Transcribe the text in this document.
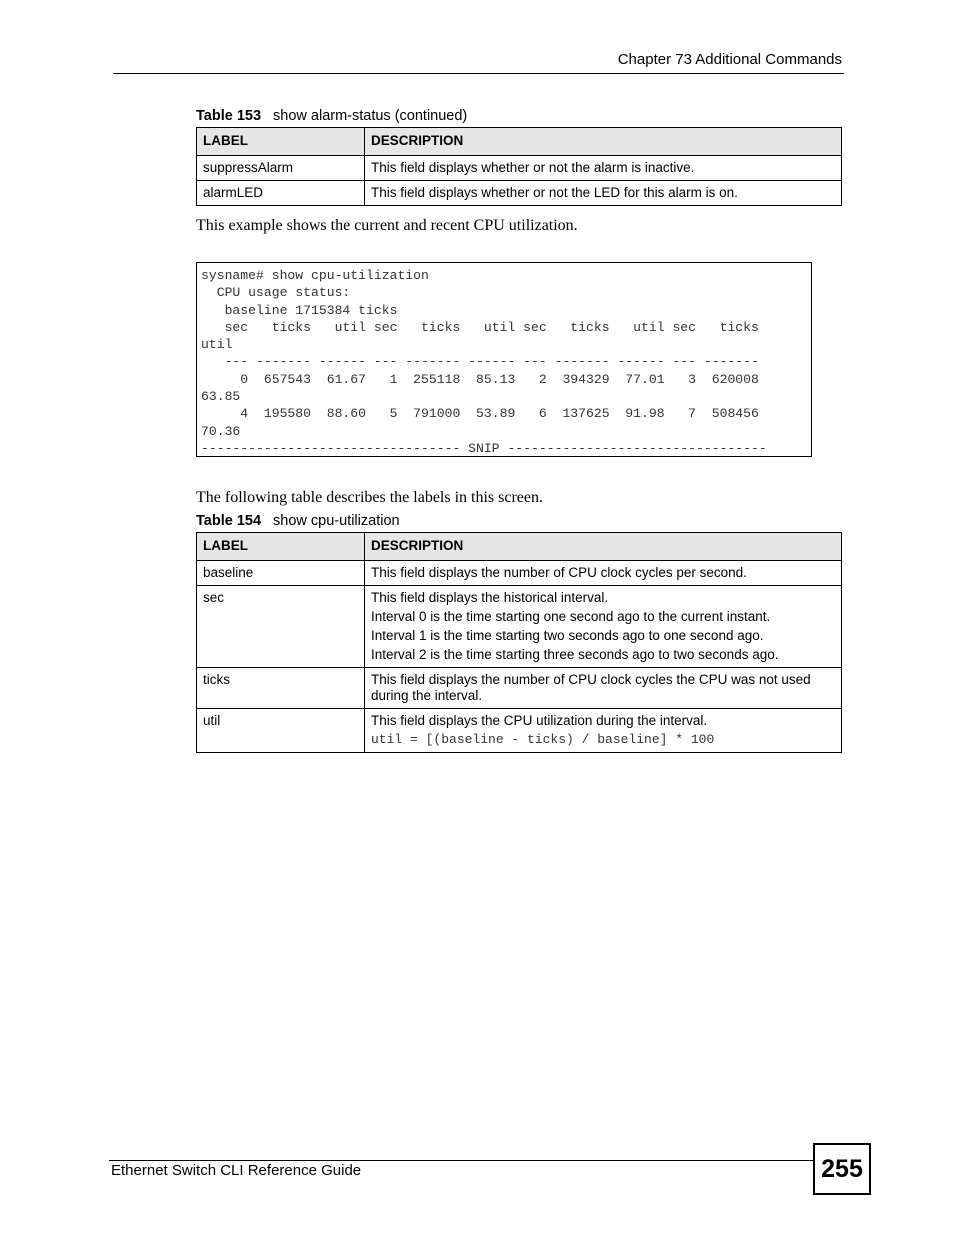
Chapter 73 Additional Commands
Table 153 show alarm-status (continued)
LABEL	DESCRIPTION
suppressAlarm	This field displays whether or not the alarm is inactive.
alarmLED	This field displays whether or not the LED for this alarm is on.
This example shows the current and recent CPU utilization.
sysname# show cpu-utilization
CPU usage status:
baseline 1715384 ticks
sec   ticks   util sec   ticks   util sec   ticks   util sec   ticks
util
--- ------- ------ --- ------- ------ --- ------- ------ --- -------
0  657543  61.67   1  255118  85.13   2  394329  77.01   3  620008
63.85
4  195580  88.60   5  791000  53.89   6  137625  91.98   7  508456
70.36
--------------------------------- SNIP ---------------------------------
The following table describes the labels in this screen.
Table 154 show cpu-utilization
LABEL	DESCRIPTION
baseline	This field displays the number of CPU clock cycles per second.

sec	This field displays the historical interval.
Interval 0 is the time starting one second ago to the current instant.
Interval 1 is the time starting two seconds ago to one second ago.
Interval 2 is the time starting three seconds ago to two seconds ago.

ticks	This field displays the number of CPU clock cycles the CPU was not used during the interval.

util	This field displays the CPU utilization during the interval.
util = [(baseline - ticks) / baseline] * 100
Ethernet Switch CLI Reference Guide	255
